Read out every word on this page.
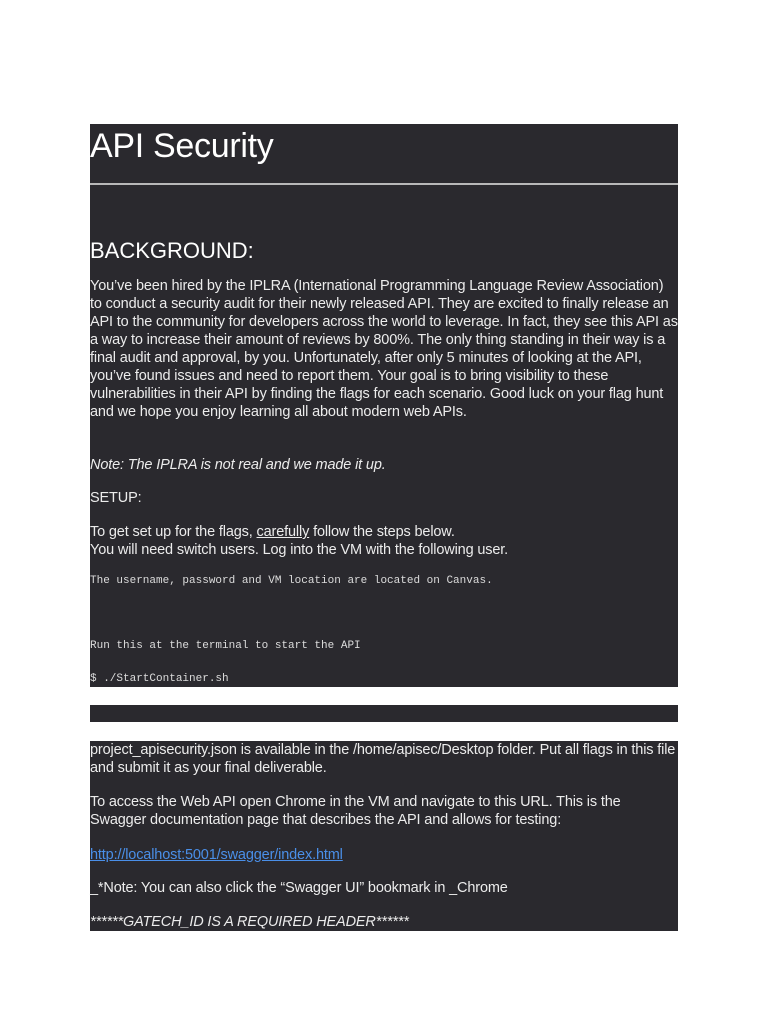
API Security
BACKGROUND:

You’ve been hired by the IPLRA (International Programming Language Review Association) to conduct a security audit for their newly released API. They are excited to finally release an API to the community for developers across the world to leverage. In fact, they see this API as a way to increase their amount of reviews by 800%. The only thing standing in their way is a final audit and approval, by you. Unfortunately, after only 5 minutes of looking at the API, you’ve found issues and need to report them. Your goal is to bring visibility to these vulnerabilities in their API by finding the flags for each scenario. Good luck on your flag hunt and we hope you enjoy learning all about modern web APIs.

Note: The IPLRA is not real and we made it up.

SETUP:

To get set up for the flags, carefully follow the steps below.

You will need switch users. Log into the VM with the following user.

The username, password and VM location are located on Canvas.

Run this at the terminal to start the API

$ ./StartContainer.sh

project_apisecurity.json is available in the /home/apisec/Desktop folder. Put all flags in this file and submit it as your final deliverable.

To access the Web API open Chrome in the VM and navigate to this URL. This is the Swagger documentation page that describes the API and allows for testing:

http://localhost:5001/swagger/index.html

_*Note: You can also click the “Swagger UI” bookmark in _Chrome

******GATECH_ID IS A REQUIRED HEADER******
